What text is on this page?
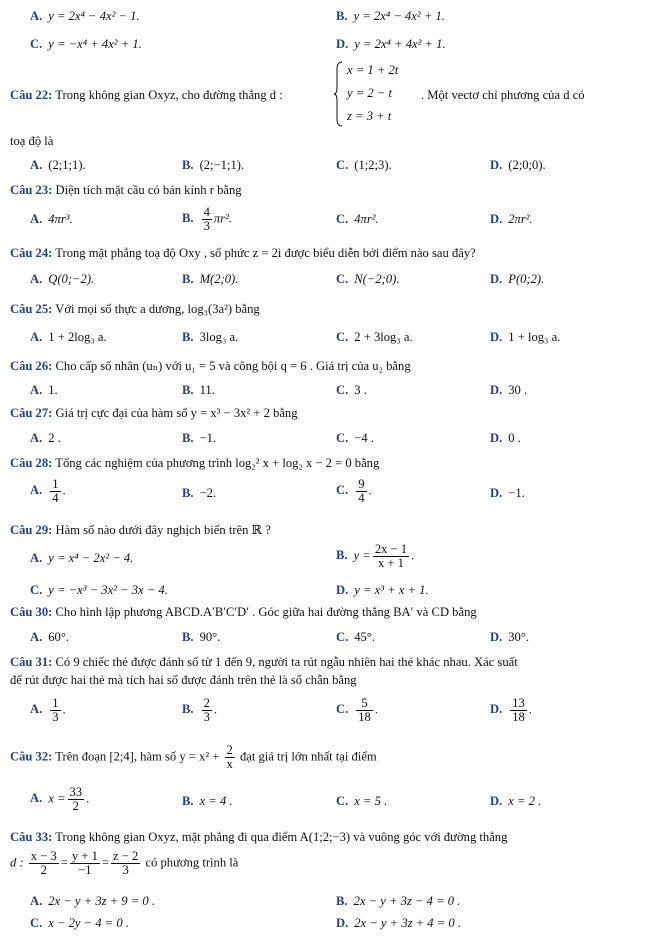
A. y = 2x⁴ − 4x² − 1.	B. y = 2x⁴ − 4x² + 1.
C. y = −x⁴ + 4x² + 1.	D. y = 2x⁴ + 4x² + 1.
Câu 22: Trong không gian Oxyz, cho đường thẳng d :
x = 1 + 2t
y = 2 − t
z = 3 + t
. Một vectơ chỉ phương của d có
toạ độ là
A. (2;1;1).	B. (2;−1;1).	C. (1;2;3).	D. (2;0;0).
Câu 23: Diện tích mặt cầu có bán kính r bằng
A. 4πr³.	B. $\frac{4}{3} \pi r^2$.	C. 4πr².	D. 2πr².
Câu 24: Trong mặt phẳng toạ độ Oxy , số phức z = 2i được biểu diễn bởi điểm nào sau đây?
A. Q(0;−2).	B. M(2;0).	C. N(−2;0).	D. P(0;2).
Câu 25: Với mọi số thực a dương, log₃(3a²) bằng
A. 1 + 2log₃ a.	B. 3log₃ a.	C. 2 + 3log₃ a.	D. 1 + log₃ a.
Câu 26: Cho cấp số nhân (uₙ) với u₁ = 5 và công bội q = 6 . Giá trị của u₂ bằng
A. 1.	B. 11.	C. 3 .	D. 30 .
Câu 27: Giá trị cực đại của hàm số y = x³ − 3x² + 2 bằng
A. 2 .	B. −1.	C. −4 .	D. 0 .
Câu 28: Tổng các nghiệm của phương trình log₂² x + log₂ x − 2 = 0 bằng
A. $\frac{1}{4}$ .	B. −2.	C. $\frac{9}{4}$ .	D. −1.
Câu 29: Hàm số nào dưới đây nghịch biến trên ℝ ?
A. y = x⁴ − 2x² − 4.	B. $y = \frac{2x - 1}{x + 1}$ .
C. y = −x³ − 3x² − 3x − 4.	D. y = x³ + x + 1.
Câu 30: Cho hình lập phương ABCD.A′B′C′D′ . Góc giữa hai đường thẳng BA′ và CD bằng
A. 60°.	B. 90°.	C. 45°.	D. 30°.
Câu 31: Có 9 chiếc thẻ được đánh số từ 1 đến 9, người ta rút ngẫu nhiên hai thẻ khác nhau. Xác suất
để rút được hai thẻ mà tích hai số được đánh trên thẻ là số chẵn bằng
A. $\frac{1}{3}$ .	B. $\frac{2}{3}$ .	C. $\frac{5}{18}$ .	D. $\frac{13}{18}$ .
Câu 32: Trên đoạn [2;4], hàm số $y = x^2 + \frac{2}{x}$ đạt giá trị lớn nhất tại điểm
A. $x = \frac{33}{2}$ .	B. x = 4 .	C. x = 5 .	D. x = 2 .
Câu 33: Trong không gian Oxyz, mặt phẳng đi qua điểm A(1;2;−3) và vuông góc với đường thẳng
d : $\frac{x - 3}{2} = \frac{y + 1}{-1} = \frac{z - 2}{3}$ có phương trình là
A. 2x − y + 3z + 9 = 0 .	B. 2x − y + 3z − 4 = 0 .
C. x − 2y − 4 = 0 .	D. 2x − y + 3z + 4 = 0 .
